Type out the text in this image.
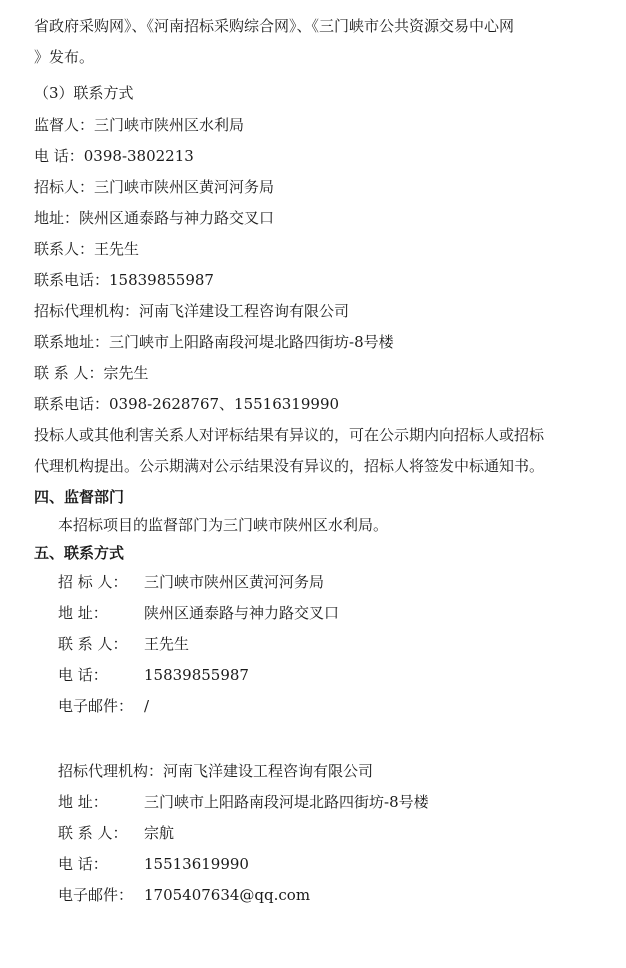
省政府采购网》、《河南招标采购综合网》、《三门峡市公共资源交易中心网
》发布。
（3）联系方式
监督人：三门峡市陕州区水利局
电 话：0398-3802213
招标人：三门峡市陕州区黄河河务局
地址：陕州区通泰路与神力路交叉口
联系人：王先生
联系电话：15839855987
招标代理机构：河南飞洋建设工程咨询有限公司
联系地址：三门峡市上阳路南段河堤北路四街坊-8号楼
联 系 人：宗先生
联系电话：0398-2628767、15516319990
投标人或其他利害关系人对评标结果有异议的，可在公示期内向招标人或招标
代理机构提出。公示期满对公示结果没有异议的，招标人将签发中标通知书。
四、监督部门
本招标项目的监督部门为三门峡市陕州区水利局。
五、联系方式
招 标 人： 三门峡市陕州区黄河河务局
地 址： 陕州区通泰路与神力路交叉口
联 系 人： 王先生
电 话： 15839855987
电子邮件： /
招标代理机构：河南飞洋建设工程咨询有限公司
地 址： 三门峡市上阳路南段河堤北路四街坊-8号楼
联 系 人： 宗航
电 话： 15513619990
电子邮件： 1705407634@qq.com
